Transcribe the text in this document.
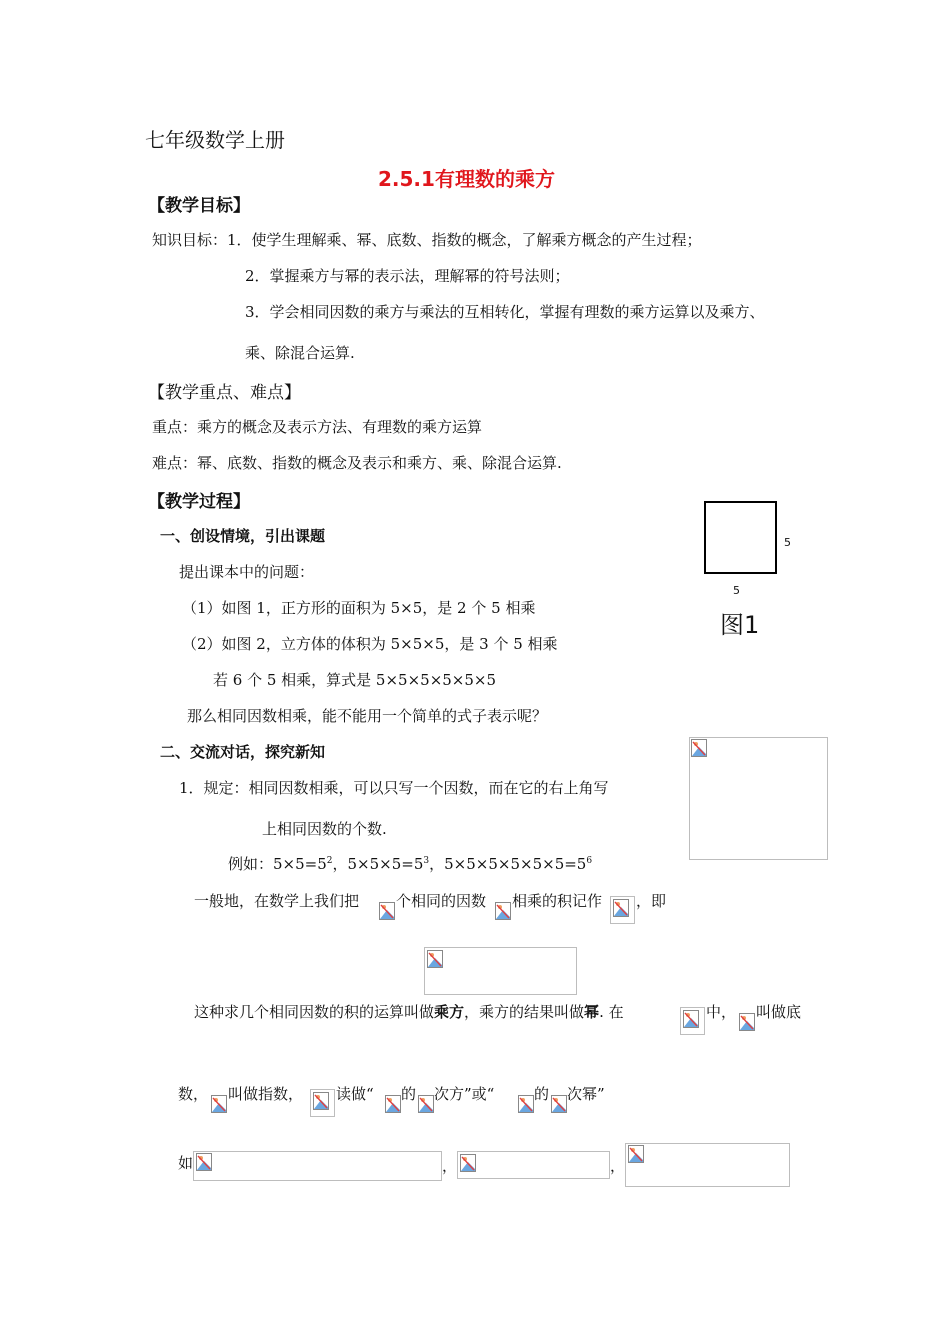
七年级数学上册
2.5.1有理数的乘方
【教学目标】
知识目标：1．使学生理解乘、幂、底数、指数的概念，了解乘方概念的产生过程；
2．掌握乘方与幂的表示法，理解幂的符号法则；
3．学会相同因数的乘方与乘法的互相转化，掌握有理数的乘方运算以及乘方、
乘、除混合运算.
【教学重点、难点】
重点：乘方的概念及表示方法、有理数的乘方运算
难点：幂、底数、指数的概念及表示和乘方、乘、除混合运算.
【教学过程】
一、创设情境，引出课题
提出课本中的问题：
（1）如图 1，正方形的面积为 5×5，是 2 个 5 相乘
（2）如图 2，立方体的体积为 5×5×5，是 3 个 5 相乘
若 6 个 5 相乘，算式是 5×5×5×5×5×5
那么相同因数相乘，能不能用一个简单的式子表示呢？
5
5
图1
二、交流对话，探究新知
1．规定：相同因数相乘，可以只写一个因数，而在它的右上角写
上相同因数的个数.
例如：$5\times 5=5^2$，$5\times 5\times 5=5^3$，$5\times 5\times 5\times 5\times 5\times 5=5^6$
一般地，在数学上我们把 个相同的因数 相乘的积记作 ，即
这种求几个相同因数的积的运算叫做乘方，乘方的结果叫做幂. 在	中， 叫做底
数， 叫做指数， 读做“ 的 次方”或“	的 次幂”
如	，	，
